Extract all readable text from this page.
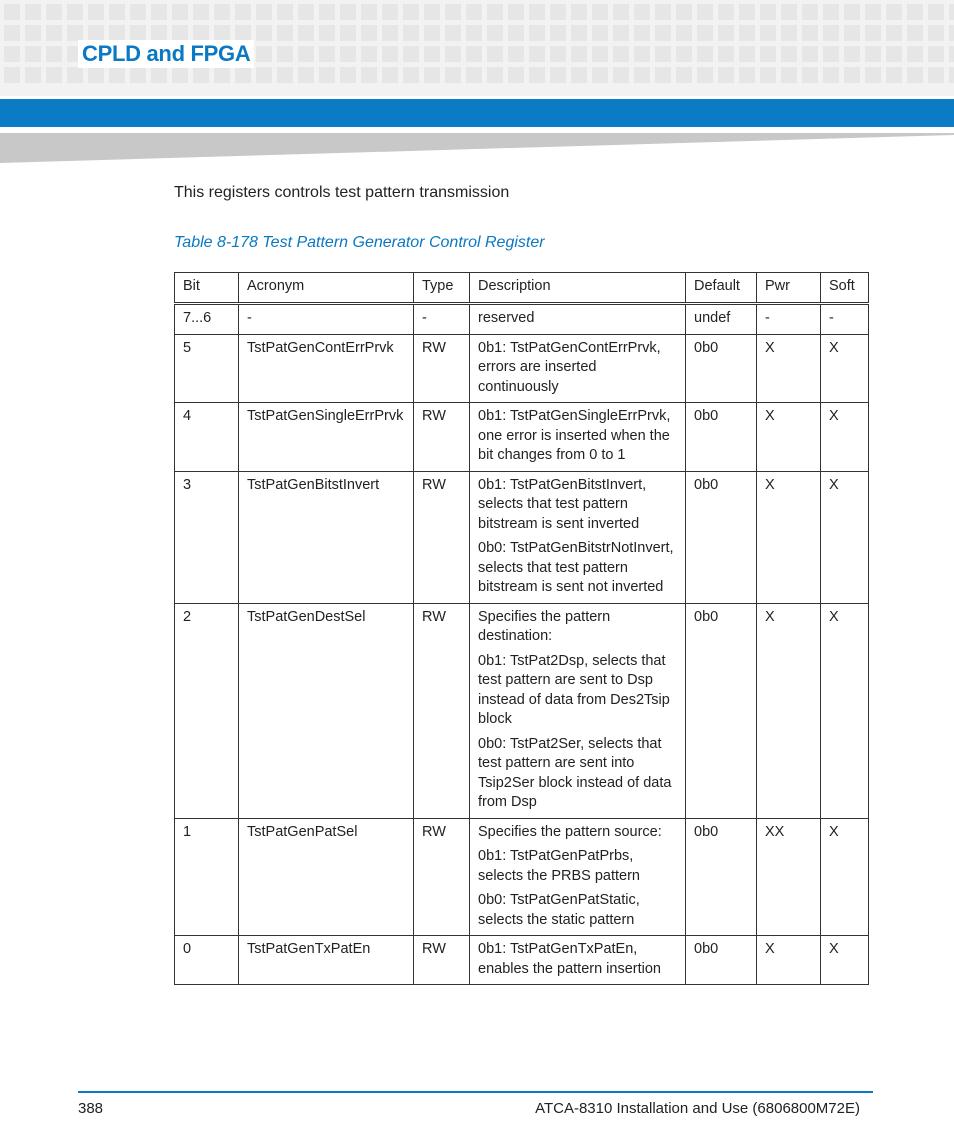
CPLD and FPGA

This registers controls test pattern transmission

Table 8-178 Test Pattern Generator Control Register

Bit	Acronym	Type	Description	Default	Pwr	Soft
7...6	-	-	reserved	undef	-	-
5	TstPatGenContErrPrvk	RW	0b1: TstPatGenContErrPrvk, errors are inserted continuously	0b0	X	X
4	TstPatGenSingleErrPrvk	RW	0b1: TstPatGenSingleErrPrvk, one error is inserted when the bit changes from 0 to 1	0b0	X	X
3	TstPatGenBitstInvert	RW	0b1: TstPatGenBitstInvert, selects that test pattern bitstream is sent inverted

0b0: TstPatGenBitstrNotInvert, selects that test pattern bitstream is sent not inverted	0b0	X	X
2	TstPatGenDestSel	RW	Specifies the pattern destination:

0b1: TstPat2Dsp, selects that test pattern are sent to Dsp instead of data from Des2Tsip block

0b0: TstPat2Ser, selects that test pattern are sent into Tsip2Ser block instead of data from Dsp	0b0	X	X
1	TstPatGenPatSel	RW	Specifies the pattern source:

0b1: TstPatGenPatPrbs, selects the PRBS pattern

0b0: TstPatGenPatStatic, selects the static pattern	0b0	XX	X
0	TstPatGenTxPatEn	RW	0b1: TstPatGenTxPatEn, enables the pattern insertion	0b0	X	X
388	ATCA-8310 Installation and Use (6806800M72E)
